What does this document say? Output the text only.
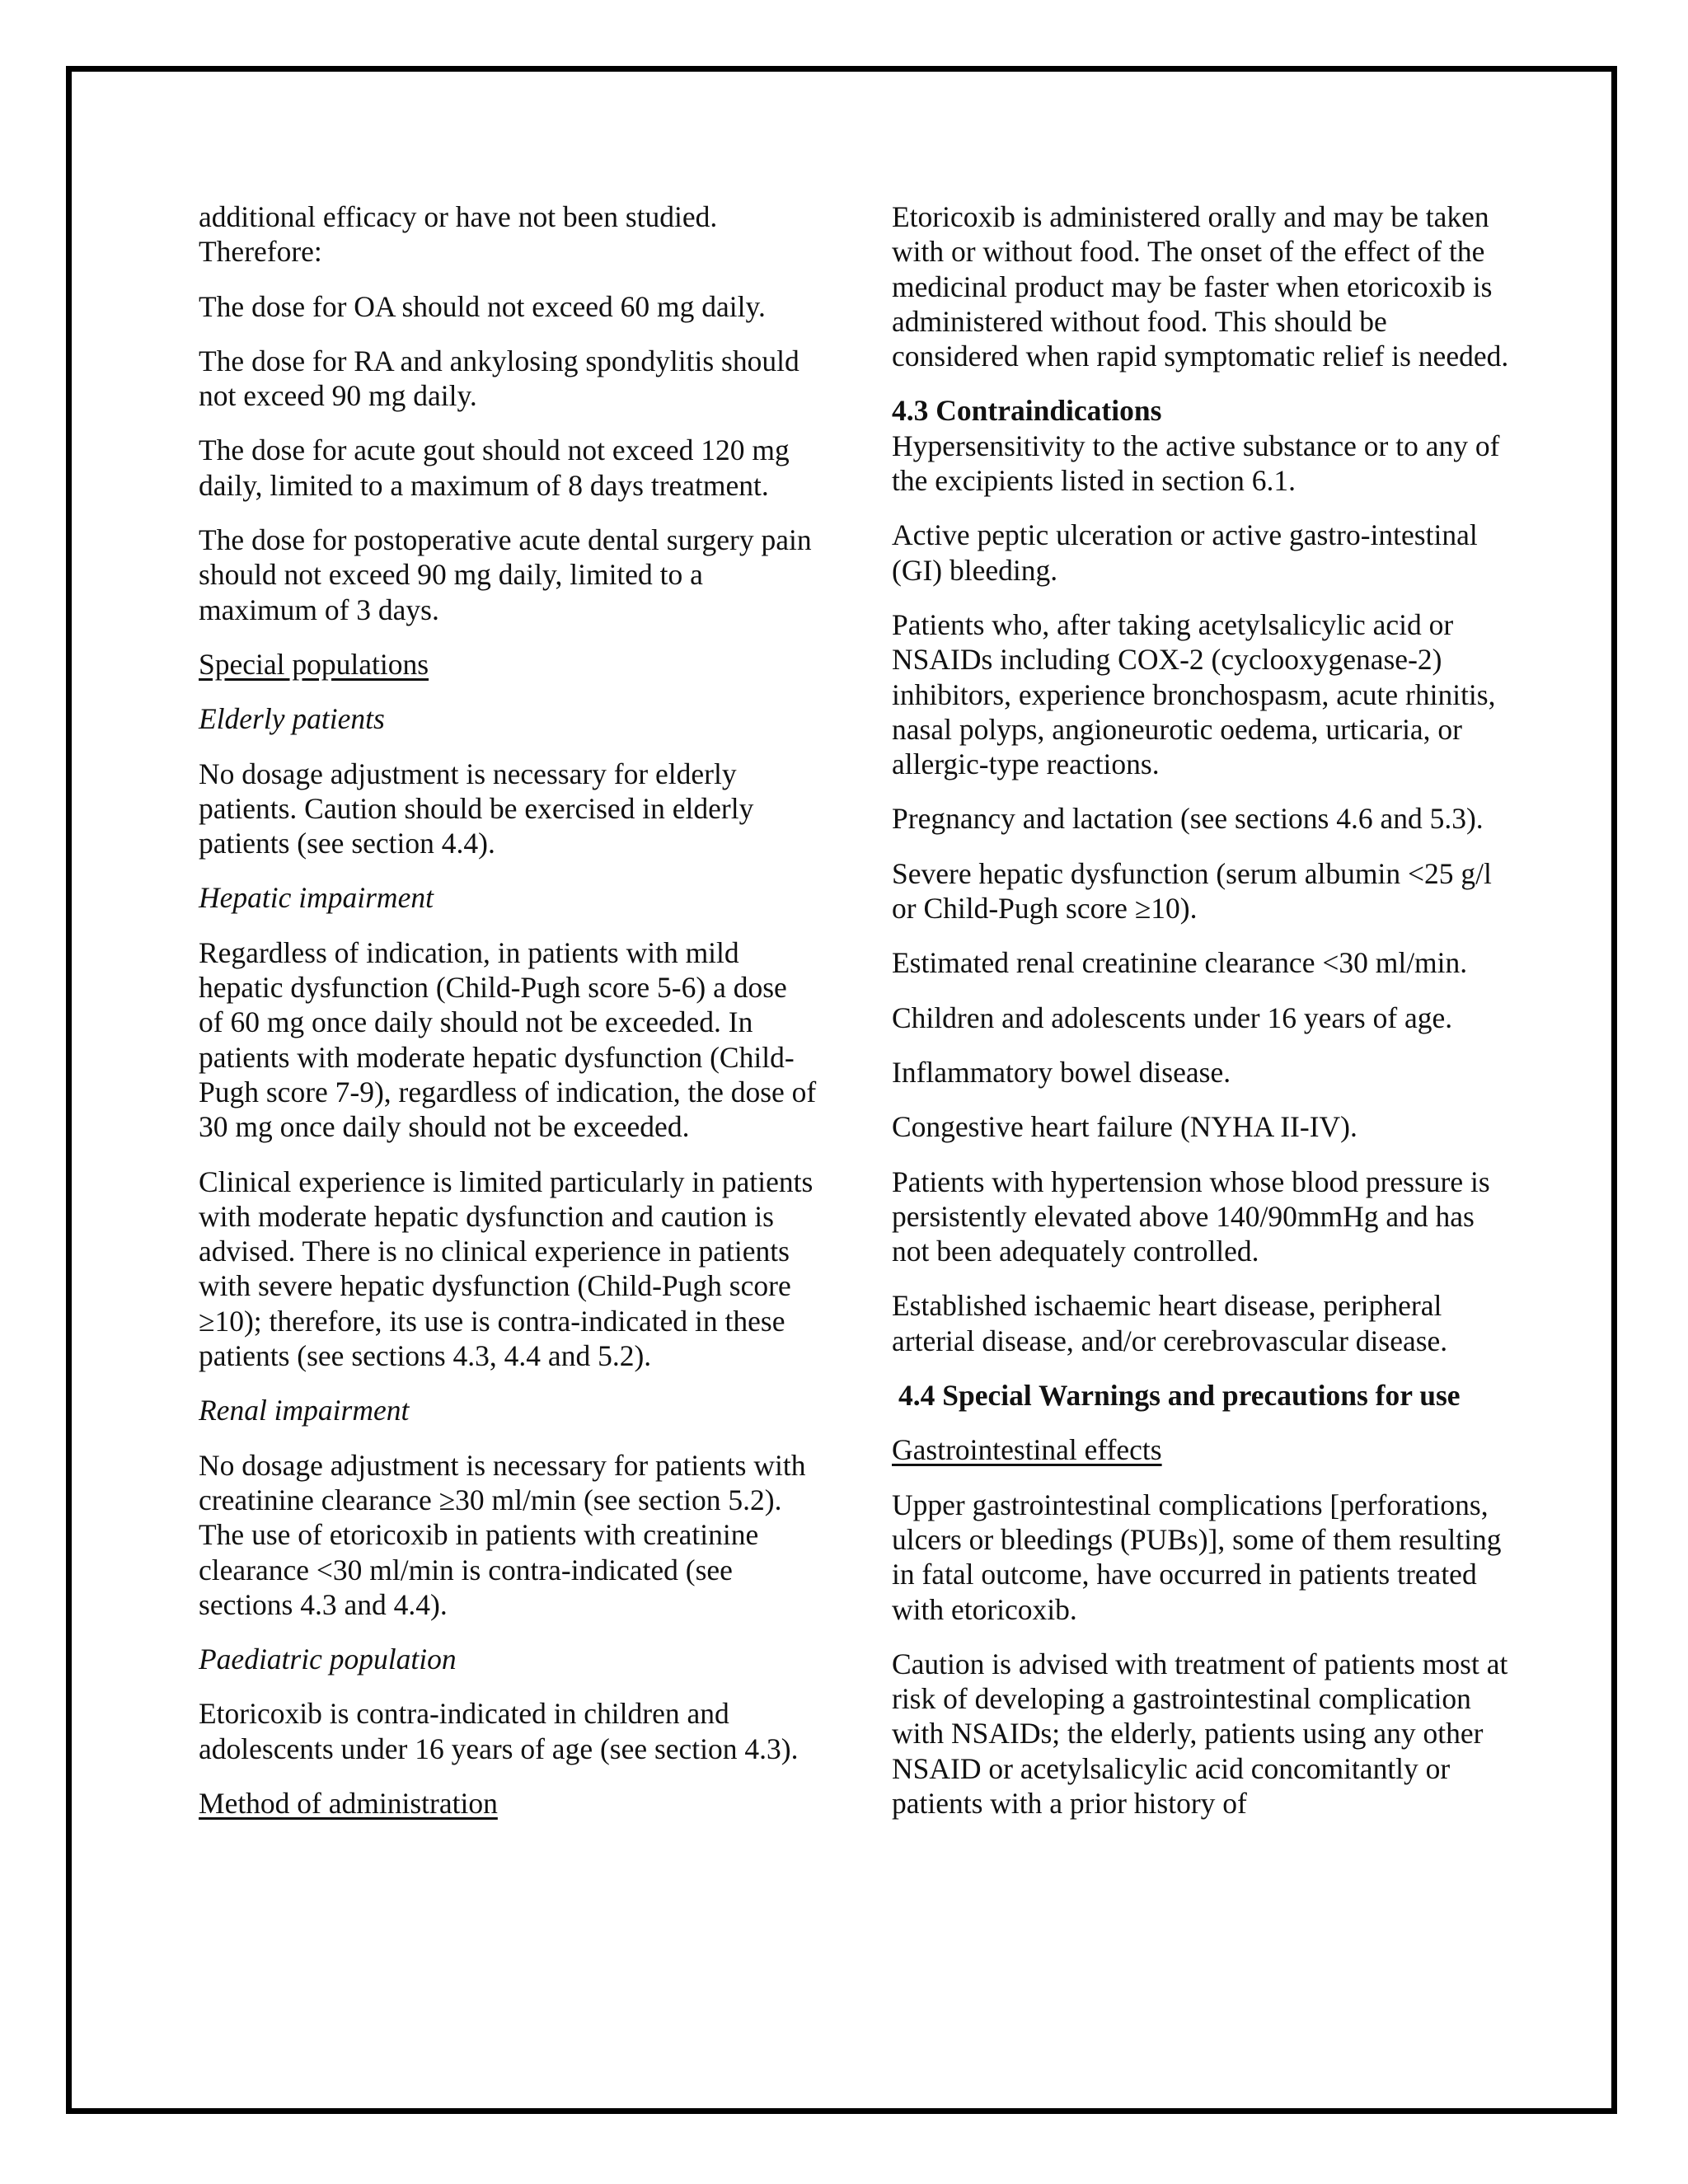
additional efficacy or have not been studied. Therefore:

The dose for OA should not exceed 60 mg daily.

The dose for RA and ankylosing spondylitis should not exceed 90 mg daily.

The dose for acute gout should not exceed 120 mg daily, limited to a maximum of 8 days treatment.

The dose for postoperative acute dental surgery pain should not exceed 90 mg daily, limited to a maximum of 3 days.

Special populations

Elderly patients

No dosage adjustment is necessary for elderly patients. Caution should be exercised in elderly patients (see section 4.4).

Hepatic impairment

Regardless of indication, in patients with mild hepatic dysfunction (Child-Pugh score 5-6) a dose of 60 mg once daily should not be exceeded. In patients with moderate hepatic dysfunction (Child-Pugh score 7-9), regardless of indication, the dose of 30 mg once daily should not be exceeded.

Clinical experience is limited particularly in patients with moderate hepatic dysfunction and caution is advised. There is no clinical experience in patients with severe hepatic dysfunction (Child-Pugh score ≥10); therefore, its use is contra-indicated in these patients (see sections 4.3, 4.4 and 5.2).

Renal impairment

No dosage adjustment is necessary for patients with creatinine clearance ≥30 ml/min (see section 5.2). The use of etoricoxib in patients with creatinine clearance <30 ml/min is contra-indicated (see sections 4.3 and 4.4).

Paediatric population

Etoricoxib is contra-indicated in children and adolescents under 16 years of age (see section 4.3).

Method of administration

Etoricoxib is administered orally and may be taken with or without food. The onset of the effect of the medicinal product may be faster when etoricoxib is administered without food. This should be considered when rapid symptomatic relief is needed.

4.3 Contraindications

Hypersensitivity to the active substance or to any of the excipients listed in section 6.1.

Active peptic ulceration or active gastro-intestinal (GI) bleeding.

Patients who, after taking acetylsalicylic acid or NSAIDs including COX-2 (cyclooxygenase-2) inhibitors, experience bronchospasm, acute rhinitis, nasal polyps, angioneurotic oedema, urticaria, or allergic-type reactions.

Pregnancy and lactation (see sections 4.6 and 5.3).

Severe hepatic dysfunction (serum albumin <25 g/l or Child-Pugh score ≥10).

Estimated renal creatinine clearance <30 ml/min.

Children and adolescents under 16 years of age.

Inflammatory bowel disease.

Congestive heart failure (NYHA II-IV).

Patients with hypertension whose blood pressure is persistently elevated above 140/90mmHg and has not been adequately controlled.

Established ischaemic heart disease, peripheral arterial disease, and/or cerebrovascular disease.

4.4 Special Warnings and precautions for use

Gastrointestinal effects

Upper gastrointestinal complications [perforations, ulcers or bleedings (PUBs)], some of them resulting in fatal outcome, have occurred in patients treated with etoricoxib.

Caution is advised with treatment of patients most at risk of developing a gastrointestinal complication with NSAIDs; the elderly, patients using any other NSAID or acetylsalicylic acid concomitantly or patients with a prior history of
